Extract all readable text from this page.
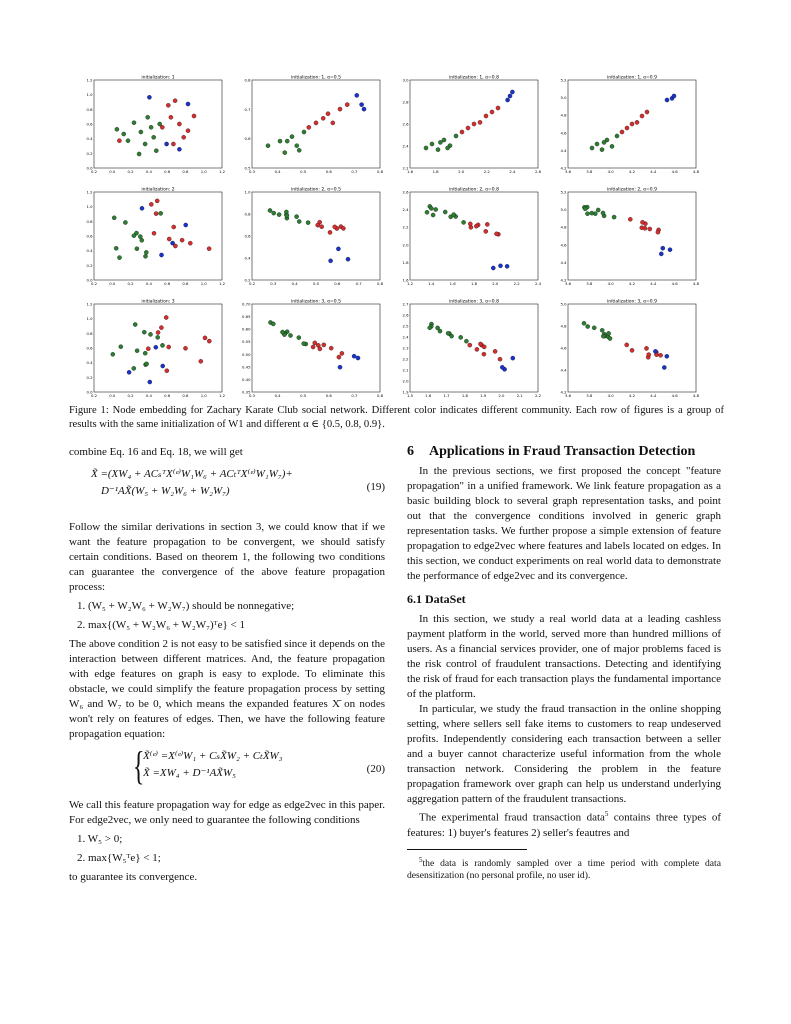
initialization: 1
1.2
1.0
0.8
0.6
0.4
0.2
0.0
0.2	0.0	0.2	0.4	0.6	0.8	1.0	1.2
initialization: 1, α=0.5
0.8
0.7
0.6
0.5
0.3	0.4	0.5	0.6	0.7	0.8
initialization: 1, α=0.8
3.0
2.8
2.6
2.4
2.2
1.6	1.8	2.0	2.2	2.4	2.6
initialization: 1, α=0.9
5.2
5.0
4.8
4.6
4.4
4.2
3.6	3.8	4.0	4.2	4.4	4.6	4.8
initialization: 2
1.2
1.0
0.8
0.6
0.4
0.2
0.0
0.2	0.0	0.2	0.4	0.6	0.8	1.0	1.2
initialization: 2, α=0.5
1.0
0.8
0.6
0.4
0.2
0.2	0.3	0.4	0.5	0.6	0.7	0.8
initialization: 2, α=0.8
2.6
2.4
2.2
2.0
1.8
1.6
1.2	1.4	1.6	1.8	2.0	2.2	2.4
initialization: 2, α=0.9
5.2
5.0
4.8
4.6
4.4
4.2
3.6	3.8	4.0	4.2	4.4	4.6	4.8
initialization: 3
1.2
1.0
0.8
0.6
0.4
0.2
0.0
0.2	0.0	0.2	0.4	0.6	0.8	1.0	1.2
initialization: 3, α=0.5
0.70
0.65
0.60
0.55
0.50
0.45
0.40
0.35
0.3	0.4	0.5	0.6	0.7	0.8
initialization: 3, α=0.8
2.7
2.6
2.5
2.4
2.3
2.2
2.1
2.0
1.9
1.5	1.6	1.7	1.8	1.9	2.0	2.1	2.2
initialization: 3, α=0.9
5.0
4.8
4.6
4.4
4.2
3.6	3.8	4.0	4.2	4.4	4.6	4.8
Figure 1: Node embedding for Zachary Karate Club social network. Different color indicates different community. Each row of figures is a group of results with the same initialization of W1 and different α ∈ {0.5, 0.8, 0.9}.

combine Eq. 16 and Eq. 18, we will get

X͂ =(XW₄ + ACₛᵀX⁽ᵉ⁾W₁W₆ + ACₜᵀX⁽ᵉ⁾W₁W₇)+
D⁻¹AX͂(W₅ + W₂W₆ + W₂W₇)	(19)

Follow the similar derivations in section 3, we could know that if we want the feature propagation to be convergent, we should satisfy certain conditions. Based on theorem 1, the following two conditions can guarantee the convergence of the above feature propagation process:

1. (W₅ + W₂W₆ + W₂W₇) should be nonnegative;
2. max{(W₅ + W₂W₆ + W₂W₇)ᵀe} < 1

The above condition 2 is not easy to be satisfied since it depends on the interaction between different matrices. And, the feature propagation with edge features on graph is easy to explode. To eliminate this obstacle, we could simplify the feature propagation process by setting W₆ and W₇ to be 0, which means the expanded features X͂ on nodes won't rely on features of edges. Then, we have the following feature propagation equation:

{
X͂⁽ᵉ⁾ =X⁽ᵉ⁾W₁ + CₛX͂W₂ + CₜX͂W₃
X͂ =XW₄ + D⁻¹AX͂W₅	(20)

We call this feature propagation way for edge as edge2vec in this paper. For edge2vec, we only need to guarantee the following conditions

1. W₅ > 0;
2. max{W₅ᵀe} < 1;

to guarantee its convergence.

6 Applications in Fraud Transaction Detection

In the previous sections, we first proposed the concept "feature propagation" in a unified framework. We link feature propagation as a basic building block to several graph representation tasks, and point out that the convergence conditions involved in generic graph representation tasks. We further propose a simple extension of feature propagation to edge2vec where features and labels located on edges. In this section, we conduct experiments on real world data to demonstrate the performance of edge2vec and its convergence.

6.1 DataSet

In this section, we study a real world data at a leading cashless payment platform in the world, served more than hundred millions of users. As a financial services provider, one of major problems faced is the risk control of fraudulent transactions. Detecting and identifying the risk of fraud for each transaction plays the fundamental importance of the platform.

In particular, we study the fraud transaction in the online shopping setting, where sellers sell fake items to customers to reap undeserved profits. Independently considering each transaction between a seller and a buyer cannot characterize useful information from the whole transaction network. Considering the problem in the feature propagation framework over graph can help us understand underlying aggregation pattern of the fraudulent transactions.

The experimental fraud transaction data$^5$ contains three types of features: 1) buyer's features 2) seller's feautres and

$^5$the data is randomly sampled over a time period with complete data desensitization (no personal profile, no user id).
